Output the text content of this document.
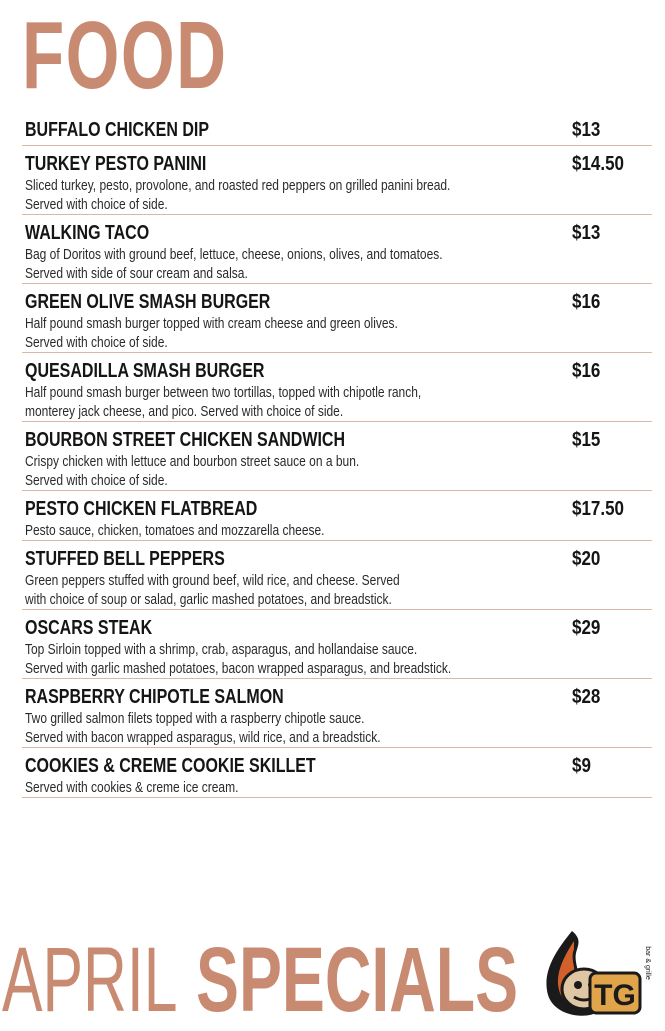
FOOD
BUFFALO CHICKEN DIP	$13
TURKEY PESTO PANINI	$14.50
Sliced turkey, pesto, provolone, and roasted red peppers on grilled panini bread.
Served with choice of side.
WALKING TACO	$13
Bag of Doritos with ground beef, lettuce, cheese, onions, olives, and tomatoes.
Served with side of sour cream and salsa.
GREEN OLIVE SMASH BURGER	$16
Half pound smash burger topped with cream cheese and green olives.
Served with choice of side.
QUESADILLA SMASH BURGER	$16
Half pound smash burger between two tortillas, topped with chipotle ranch,
monterey jack cheese, and pico. Served with choice of side.
BOURBON STREET CHICKEN SANDWICH	$15
Crispy chicken with lettuce and bourbon street sauce on a bun.
Served with choice of side.
PESTO CHICKEN FLATBREAD	$17.50
Pesto sauce, chicken, tomatoes and mozzarella cheese.
STUFFED BELL PEPPERS	$20
Green peppers stuffed with ground beef, wild rice, and cheese. Served
with choice of soup or salad, garlic mashed potatoes, and breadstick.
OSCARS STEAK	$29
Top Sirloin topped with a shrimp, crab, asparagus, and hollandaise sauce.
Served with garlic mashed potatoes, bacon wrapped asparagus, and breadstick.
RASPBERRY CHIPOTLE SALMON	$28
Two grilled salmon filets topped with a raspberry chipotle sauce.
Served with bacon wrapped asparagus, wild rice, and a breadstick.
COOKIES & CREME COOKIE SKILLET	$9
Served with cookies & creme ice cream.
APRIL SPECIALS	TG
bar & grille
